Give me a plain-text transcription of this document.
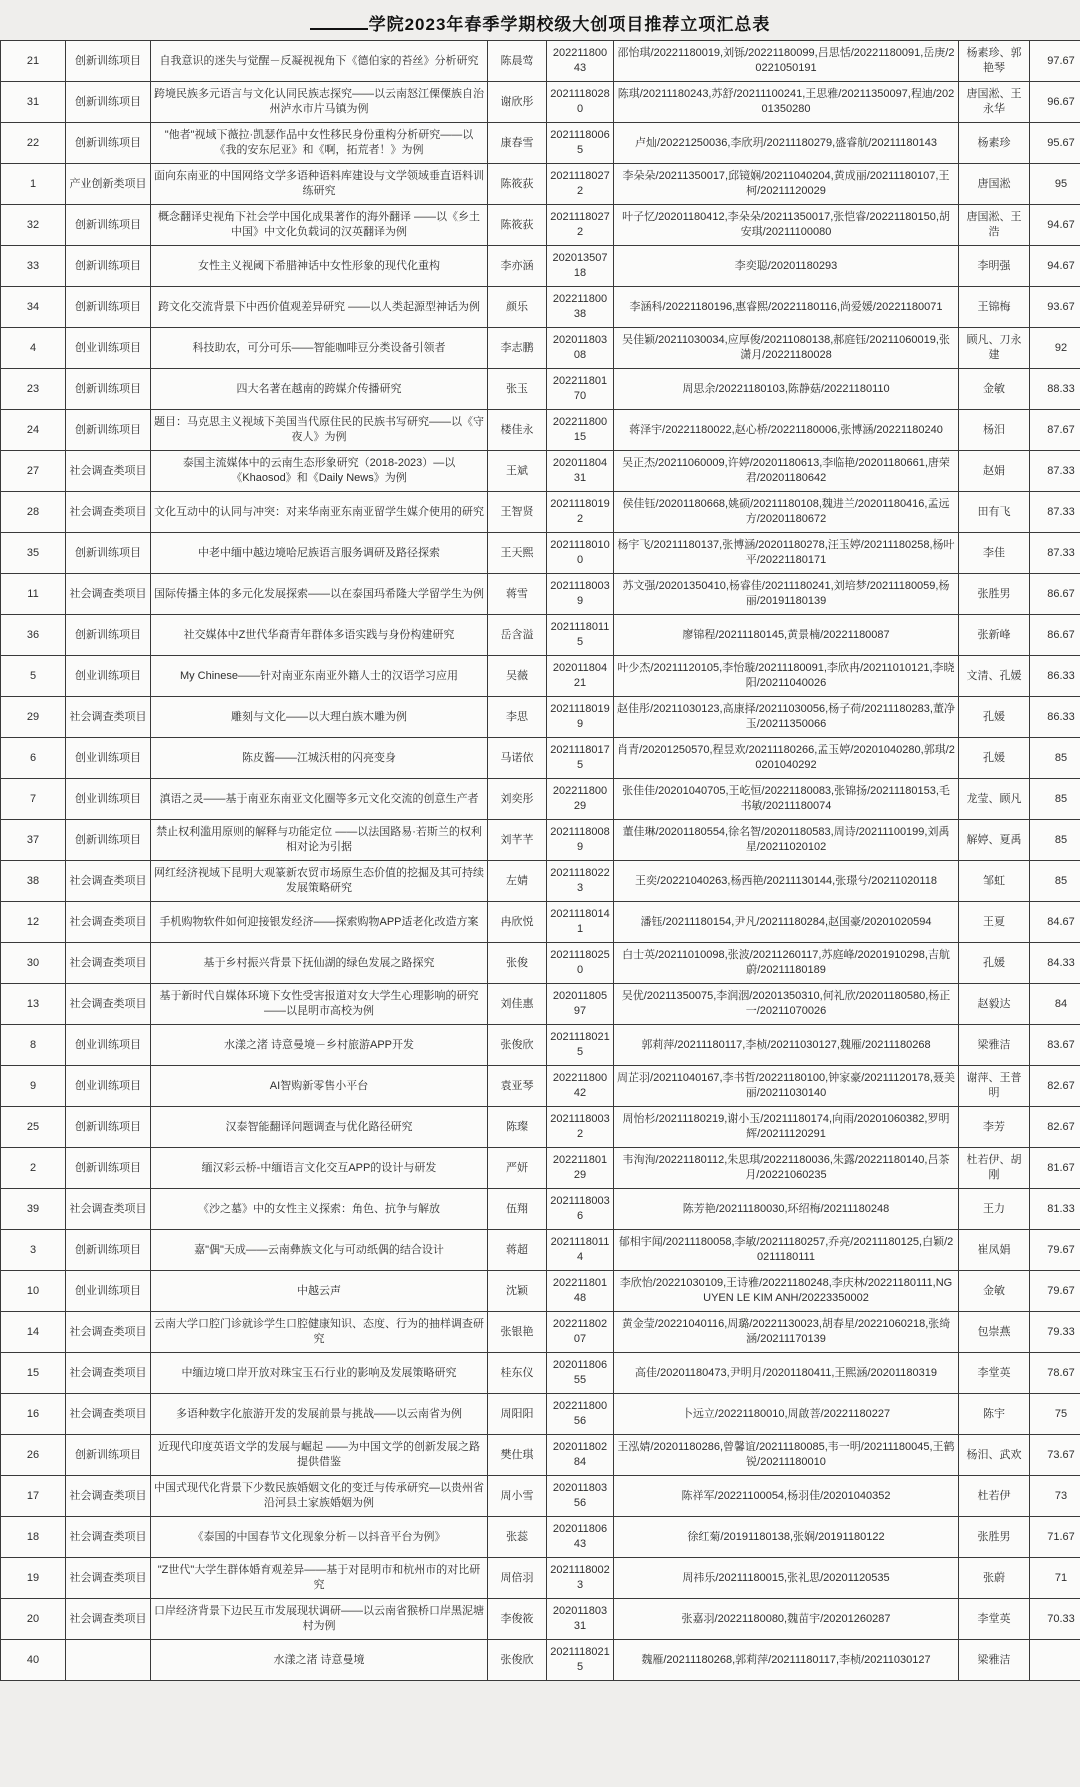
学院2023年春季学期校级大创项目推荐立项汇总表
21	创新训练项目	自我意识的迷失与觉醒－反凝视视角下《德伯家的苔丝》分析研究	陈晨莺	20221180043	邵怡琪/20221180019,刘铄/20221180099,吕思恬/20221180091,岳庚/20221050191	杨素珍、郭艳琴	97.67
31	创新训练项目	跨境民族多元语言与文化认同民族志探究——以云南怒江傈僳族自治州泸水市片马镇为例	谢欣彤	20211180280	陈琪/20211180243,苏舒/20211100241,王思雅/20211350097,程迪/20201350280	唐国淞、王永华	96.67
22	创新训练项目	"他者"视域下薇拉·凯瑟作品中女性移民身份重构分析研究——以《我的安东尼亚》和《啊，拓荒者！》为例	康春雪	20211180065	卢灿/20221250036,李欣玥/20211180279,盛睿航/20211180143	杨素珍	95.67
1	产业创新类项目	面向东南亚的中国网络文学多语种语料库建设与文学领域垂直语料训练研究	陈筱荻	20211180272	李朵朵/20211350017,邱镜娴/20211040204,黄成丽/20211180107,王柯/20211120029	唐国淞	95
32	创新训练项目	概念翻译史视角下社会学中国化成果著作的海外翻译 ——以《乡土中国》中文化负载词的汉英翻译为例	陈筱荻	20211180272	叶子忆/20201180412,李朵朵/20211350017,张恺睿/20221180150,胡安琪/20211100080	唐国淞、王浩	94.67
33	创新训练项目	女性主义视阈下希腊神话中女性形象的现代化重构	李亦涵	20201350718	李奕聪/20201180293	李明强	94.67
34	创新训练项目	跨文化交流背景下中西价值观差异研究 ——以人类起源型神话为例	颜乐	20221180038	李涵科/20221180196,惠睿熙/20221180116,尚爱媛/20221180071	王锦梅	93.67
4	创业训练项目	科技助农，可分可乐——智能咖啡豆分类设备引领者	李志鹏	20201180308	吴佳颖/20211030034,应厚俊/20211080138,郝庭钰/20211060019,张潇月/20221180028	顾凡、刀永建	92
23	创新训练项目	四大名著在越南的跨媒介传播研究	张玉	20221180170	周思余/20221180103,陈静菇/20221180110	金敏	88.33
24	创新训练项目	题目：马克思主义视域下美国当代原住民的民族书写研究——以《守夜人》为例	楼佳永	20221180015	蒋泽宇/20221180022,赵心桥/20221180006,张博涵/20221180240	杨汨	87.67
27	社会调查类项目	泰国主流媒体中的云南生态形象研究（2018-2023）—以《Khaosod》和《Daily News》为例	王斌	20201180431	吴正杰/20211060009,许婷/20201180613,李临艳/20201180661,唐荣君/20201180642	赵娟	87.33
28	社会调查类项目	文化互动中的认同与冲突：对来华南亚东南亚留学生媒介使用的研究	王智贤	20211180192	侯佳钰/20201180668,姚硕/20211180108,魏进兰/20201180416,孟远方/20201180672	田有飞	87.33
35	创新训练项目	中老中缅中越边境哈尼族语言服务调研及路径探索	王天熙	20211180100	杨宇飞/20211180137,张博涵/20201180278,汪玉婷/20211180258,杨叶平/20221180171	李佳	87.33
11	社会调查类项目	国际传播主体的多元化发展探索——以在泰国玛希隆大学留学生为例	蒋雪	20211180039	苏文强/20201350410,杨睿佳/20211180241,刘培梦/20211180059,杨丽/20191180139	张胜男	86.67
36	创新训练项目	社交媒体中Z世代华裔青年群体多语实践与身份构建研究	岳含溢	20211180115	廖锦程/20211180145,黄景楠/20221180087	张新峰	86.67
5	创业训练项目	My Chinese——针对南亚东南亚外籍人士的汉语学习应用	吴薇	20201180421	叶少杰/20211120105,李怡璇/20211180091,李欣冉/20211010121,李晓阳/20211040026	文清、孔媛	86.33
29	社会调查类项目	雕刻与文化——以大理白族木雕为例	李思	20211180199	赵佳彤/20211030123,高康择/20211030056,杨子荷/20211180283,董净玉/20211350066	孔媛	86.33
6	创业训练项目	陈皮酱——江城沃柑的闪亮变身	马诺依	20211180175	肖青/20201250570,程昱欢/20211180266,孟玉婷/20201040280,郭琪/20201040292	孔媛	85
7	创业训练项目	滇语之灵——基于南亚东南亚文化圈等多元文化交流的创意生产者	刘奕彤	20221180029	张佳佳/20201040705,王屹恒/20221180083,张锦扬/20211180153,毛书敏/20211180074	龙莹、顾凡	85
37	创新训练项目	禁止权利滥用原则的解释与功能定位 ——以法国路易·若斯兰的权利相对论为引据	刘芊芊	20211180089	董佳琳/20201180554,徐名智/20201180583,周诗/20211100199,刘禹星/20211020102	解婷、夏禹	85
38	社会调查类项目	网红经济视域下昆明大观篆新农贸市场原生态价值的挖掘及其可持续发展策略研究	左婧	20211180223	王奕/20221040263,杨西艳/20211130144,张璟兮/20211020118	邹虹	85
12	社会调查类项目	手机购物软件如何迎接银发经济——探索购物APP适老化改造方案	冉欣悦	20211180141	潘钰/20211180154,尹凡/20211180284,赵国豪/20201020594	王夏	84.67
30	社会调查类项目	基于乡村振兴背景下抚仙湖的绿色发展之路探究	张俊	20211180250	白士英/20211010098,张波/20211260117,苏庭峰/20201910298,吉航蔚/20211180189	孔媛	84.33
13	社会调查类项目	基于新时代自媒体环境下女性受害报道对女大学生心理影响的研究——以昆明市高校为例	刘佳惠	20201180597	吴优/20211350075,李润洇/20201350310,何礼欣/20201180580,杨正一/20211070026	赵毅达	84
8	创业训练项目	水漾之渚 诗意曼境－乡村旅游APP开发	张俊欣	20211180215	郭莉萍/20211180117,李桢/20211030127,魏雁/20211180268	梁雅洁	83.67
9	创业训练项目	AI智购新零售小平台	袁亚琴	20221180042	周芷羽/20211040167,李书哲/20221180100,钟家豪/20211120178,聂美丽/20211030140	谢萍、王普明	82.67
25	创新训练项目	汉泰智能翻译问题调查与优化路径研究	陈璨	20211180032	周怡杉/20211180219,谢小玉/20211180174,向雨/20201060382,罗明辉/20211120291	李芳	82.67
2	创新训练项目	缅汉彩云桥-中缅语言文化交互APP的设计与研发	严妍	20221180129	韦洵洵/20221180112,朱思琪/20221180036,朱露/20221180140,吕茶月/20221060235	杜若伊、胡刚	81.67
39	社会调查类项目	《沙之墓》中的女性主义探索：角色、抗争与解放	伍翔	20211180036	陈芳艳/20211180030,环绍梅/20211180248	王力	81.33
3	创新训练项目	嘉"偶"天成——云南彝族文化与可动纸偶的结合设计	蒋超	20211180114	郁相宇闻/20211180058,李敏/20211180257,乔亮/20211180125,白颖/20211180111	崔凤娟	79.67
10	创业训练项目	中越云声	沈颖	20221180148	李欣怡/20221030109,王诗雅/20221180248,李庆林/20221180111,NGUYEN LE KIM ANH/20223350002	金敏	79.67
14	社会调查类项目	云南大学口腔门诊就诊学生口腔健康知识、态度、行为的抽样调查研究	张银艳	20221180207	黄金莹/20221040116,周璐/20221130023,胡春星/20221060218,张绮涵/20211170139	包崇燕	79.33
15	社会调查类项目	中缅边境口岸开放对珠宝玉石行业的影响及发展策略研究	桂东仪	20201180655	高佳/20201180473,尹明月/20201180411,王熙涵/20201180319	李堂英	78.67
16	社会调查类项目	多语种数字化旅游开发的发展前景与挑战——以云南省为例	周阳阳	20221180056	卜远立/20221180010,周啟菩/20221180227	陈宇	75
26	创新训练项目	近现代印度英语文学的发展与崛起 ——为中国文学的创新发展之路提供借鉴	樊仕琪	20201180284	王泓婧/20201180286,曾馨谊/20211180085,韦一明/20211180045,王鹤锐/20211180010	杨汨、武欢	73.67
17	社会调查类项目	中国式现代化背景下少数民族婚姻文化的变迁与传承研究—以贵州省沿河县土家族婚姻为例	周小雪	20201180356	陈祥军/20221100054,杨羽佳/20201040352	杜若伊	73
18	社会调查类项目	《泰国的中国春节文化现象分析－以抖音平台为例》	张蕊	20201180643	徐红菊/20191180138,张娴/20191180122	张胜男	71.67
19	社会调查类项目	"Z世代"大学生群体婚育观差异——基于对昆明市和杭州市的对比研究	周倍羽	20211180023	周祎乐/20211180015,张礼思/20201120535	张蔚	71
20	社会调查类项目	口岸经济背景下边民互市发展现状调研——以云南省猴桥口岸黑泥塘村为例	李俊筱	20201180331	张嘉羽/20221180080,魏苗宇/20201260287	李堂英	70.33
40		水漾之渚 诗意曼境	张俊欣	20211180215	魏雁/20211180268,郭莉萍/20211180117,李桢/20211030127	梁雅洁	
